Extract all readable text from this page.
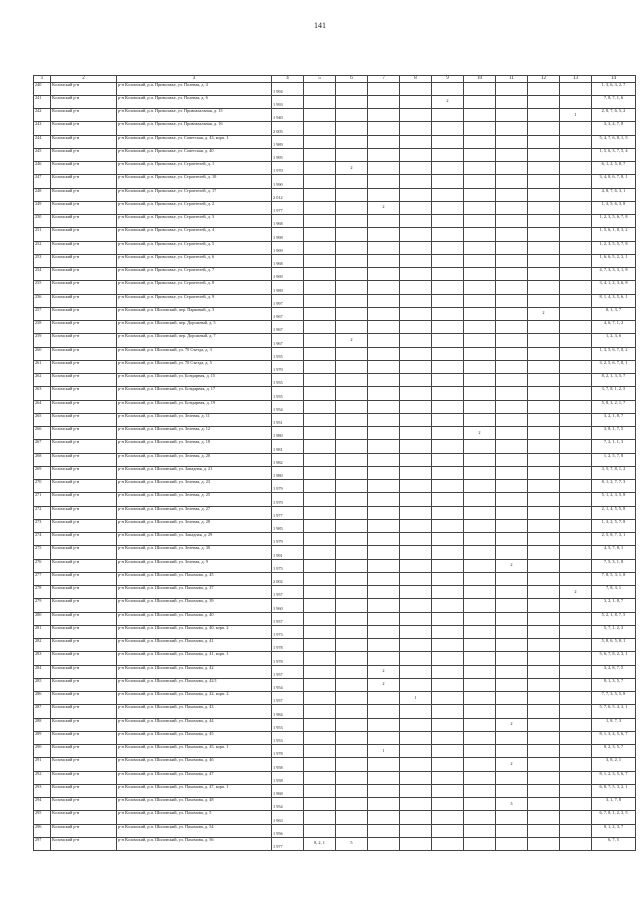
141
1	2	3	4	5	6	7	8	9	10	11	12	13	14
240	Коломский р-н	р-н Коломский, р.п. Приволжье, ул. Полевая, д. 4	1 994										1, 3, 6, 3, 2, 7
241	Коломский р-н	р-н Коломский, р.п. Приволжье, ул. Полевая, д. 6	1 993					2					7, 8, 7, 1, 6
242	Коломский р-н	р-н Коломский, р.п. Приволжье, ул. Привокзальная, д. 15	1 940									1	2, 8, 7, 6, 5, 2
243	Коломский р-н	р-н Коломский, р.п. Приволжье, ул. Привокзальная, д. 16	2 005										3, 3, 4, 7, 8
244	Коломский р-н	р-н Коломский, р.п. Приволжье, ул. Советская, д. 43, корп. 1	1 989										5, 4, 7, 6, 8, 1, 5
245	Коломский р-н	р-н Коломский, р.п. Приволжье, ул. Советская, д. 40	1 995										1, 5, 6, 3, 7, 5, 4
246	Коломский р-н	р-н Коломский, р.п. Приволжье, ул. Строителей, д. 1	1 970		2								6, 1, 2, 5, 8, 7
247	Коломский р-н	р-н Коломский, р.п. Приволжье, ул. Строителей, д. 10	1 990										3, 4, 8, 6, 7, 8, 1
248	Коломский р-н	р-н Коломский, р.п. Приволжье, ул. Строителей, д. 17	2 012										4, 8, 7, 6, 3, 1
249	Коломский р-н	р-н Коломский, р.п. Приволжье, ул. Строителей, д. 2	1 977			2							1, 3, 5, 6, 3, 8
250	Коломский р-н	р-н Коломский, р.п. Приволжье, ул. Строителей, д. 3	1 968										1, 2, 3, 5, 6, 7, 8
251	Коломский р-н	р-н Коломский, р.п. Приволжье, ул. Строителей, д. 4	1 998										1, 5, 6, 1, 8, 3, 2
252	Коломский р-н	р-н Коломский, р.п. Приволжье, ул. Строителей, д. 5	1 969										1, 2, 3, 5, 5, 7, 8
253	Коломский р-н	р-н Коломский, р.п. Приволжье, ул. Строителей, д. 6	1 968										1, 6, 6, 5, 2, 3, 1
254	Коломский р-н	р-н Коломский, р.п. Приволжье, ул. Строителей, д. 7	1 969										4, 7, 3, 3, 3, 1, 8
255	Коломский р-н	р-н Коломский, р.п. Приволжье, ул. Строителей, д. 8	1 989										3, 4, 1, 2, 3, 6, 8
256	Коломский р-н	р-н Коломский, р.п. Приволжье, ул. Строителей, д. 9	1 997										8, 1, 4, 3, 5, 6, 1
257	Коломский р-н	р-н Коломский, р.п. Шиловский, пер. Парковый, д. 3	1 967								2		8, 1, 3, 7
258	Коломский р-н	р-н Коломский, р.п. Шиловский, пер. Дорожный, д. 5	1 967										4, 6, 7, 1, 2
259	Коломский р-н	р-н Коломский, р.п. Шиловский, пер. Дорожный, д. 7	1 967		2								1, 2, 3, 6
260	Коломский р-н	р-н Коломский, р.п. Шиловский, ул. 70 Съезда, д. 3	1 955										1, 3, 5, 6, 7, 8, 2
261	Коломский р-н	р-н Коломский, р.п. Шиловский, ул. 70 Съезда, д. 5	1 970										3, 2, 5, 6, 7, 8, 1
262	Коломский р-н	р-н Коломский, р.п. Шиловский, ул. Бондарная, д. 15	1 955										8, 2, 1, 3, 5, 7
263	Коломский р-н	р-н Коломский, р.п. Шиловский, ул. Бондарная, д. 17	1 955										3, 7, 8, 1, 2, 5
264	Коломский р-н	р-н Коломский, р.п. Шиловский, ул. Бондарная, д. 19	1 954										5, 8, 3, 2, 1, 7
265	Коломский р-н	р-н Коломский, р.п. Шиловский, ул. Зеленая, д. 11	1 951										3, 2, 1, 8, 7
266	Коломский р-н	р-н Коломский, р.п. Шиловский, ул. Зеленая, д. 12	1 980						2				3, 8, 1, 7, 5
267	Коломский р-н	р-н Коломский, р.п. Шиловский, ул. Зеленая, д. 18	1 981										7, 2, 1, 1, 3
268	Коломский р-н	р-н Коломский, р.п. Шиловский, ул. Зеленая, д. 20	1 982										1, 2, 5, 7, 8
269	Коломский р-н	р-н Коломский, р.п. Шиловский, ул. Западная, д. 21	1 980										3, 5, 7, 8, 1, 2
270	Коломский р-н	р-н Коломский, р.п. Шиловский, ул. Зеленая, д. 23	1 979										8, 1, 2, 7, 7, 3
271	Коломский р-н	р-н Коломский, р.п. Шиловский, ул. Зеленая, д. 25	1 979										5, 1, 2, 3, 5, 8
272	Коломский р-н	р-н Коломский, р.п. Шиловский, ул. Зеленая, д. 27	1 977										2, 1, 4, 5, 5, 8
273	Коломский р-н	р-н Коломский, р.п. Шиловский, ул. Зеленая, д. 28	1 985										1, 3, 2, 5, 7, 8
274	Коломский р-н	р-н Коломский, р.п. Шиловский, ул. Западная, д. 29	1 979										2, 5, 8, 7, 3, 1
275	Коломский р-н	р-н Коломский, р.п. Шиловский, ул. Зеленая, д. 30	1 991										4, 5, 7, 8, 1
276	Коломский р-н	р-н Коломский, р.п. Шиловский, ул. Зеленая, д. 9	1 975							2			7, 5, 3, 1, 8
277	Коломский р-н	р-н Коломский, р.п. Шиловский, ул. Пахомова, д. 45	2 002										7, 8, 5, 3, 1, 8
278	Коломский р-н	р-н Коломский, р.п. Шиловский, ул. Пахомова, д. 37	1 957									2	7, 8, 3, 1
279	Коломский р-н	р-н Коломский, р.п. Шиловский, ул. Пахомова, д. 39	1 960										3, 2, 1, 8, 7
280	Коломский р-н	р-н Коломский, р.п. Шиловский, ул. Пахомова, д. 40	1 957										5, 2, 1, 8, 7, 5
281	Коломский р-н	р-н Коломский, р.п. Шиловский, ул. Пахомова, д. 40, корп. 2	1 973										5, 7, 1, 2, 3
282	Коломский р-н	р-н Коломский, р.п. Шиловский, ул. Пахомова, д. 41	1 978										5, 8, 6, 5, 8, 1
283	Коломский р-н	р-н Коломский, р.п. Шиловский, ул. Пахомова, д. 41, корп. 1	1 978										5, 6, 7, 8, 2, 3, 1
284	Коломский р-н	р-н Коломский, р.п. Шиловский, ул. Пахомова, д. 42	1 957			2							3, 2, 8, 7, 5
285	Коломский р-н	р-н Коломский, р.п. Шиловский, ул. Пахомова, д. 42/1	1 954			2							8, 1, 3, 5, 7
286	Коломский р-н	р-н Коломский, р.п. Шиловский, ул. Пахомова, д. 42, корп. 2	1 957				1						7, 7, 3, 5, 5, 8
287	Коломский р-н	р-н Коломский, р.п. Шиловский, ул. Пахомова, д. 43	1 984										5, 7, 6, 5, 4, 3, 1
288	Коломский р-н	р-н Коломский, р.п. Шиловский, ул. Пахомова, д. 44	1 953							2			1, 8, 7, 3
289	Коломский р-н	р-н Коломский, р.п. Шиловский, ул. Пахомова, д. 45	1 953										8, 1, 3, 4, 5, 6, 7
290	Коломский р-н	р-н Коломский, р.п. Шиловский, ул. Пахомова, д. 45, корп. 1	1 978			1							8, 2, 3, 5, 7
291	Коломский р-н	р-н Коломский, р.п. Шиловский, ул. Пахомова, д. 46	1 958							2			3, 8, 2, 1
292	Коломский р-н	р-н Коломский, р.п. Шиловский, ул. Пахомова, д. 47	1 958										8, 1, 2, 3, 5, 6, 7
293	Коломский р-н	р-н Коломский, р.п. Шиловский, ул. Пахомова, д. 47, корп. 1	1 968										6, 8, 7, 5, 3, 2, 1
294	Коломский р-н	р-н Коломский, р.п. Шиловский, ул. Пахомова, д. 48	1 954							3			3, 1, 7, 8
295	Коломский р-н	р-н Коломский, р.п. Шиловский, ул. Пахомова, д. 5	1 963										6, 7, 8, 1, 2, 3, 5
296	Коломский р-н	р-н Коломский, р.п. Шиловский, ул. Пахомова, д. 54	1 956										8, 1, 2, 3, 7
297	Коломский р-н	р-н Коломский, р.п. Шиловский, ул. Пахомова, д. 56	1 977	8, 2, 1	5								6, 7, 5
